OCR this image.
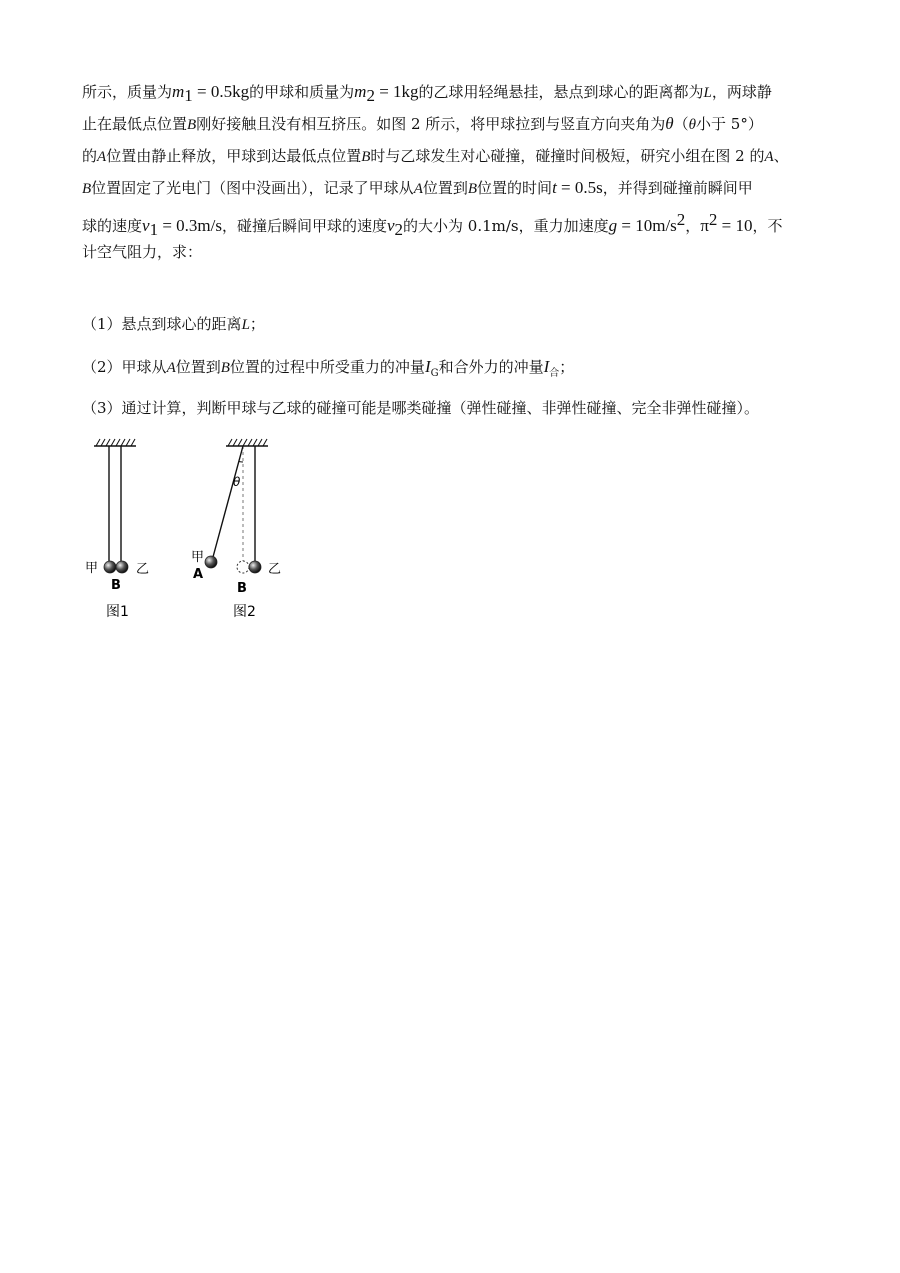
所示，质量为$m_1 = 0.5kg$的甲球和质量为$m_2 = 1kg$的乙球用轻绳悬挂，悬点到球心的距离都为L，两球静
止在最低点位置B刚好接触且没有相互挤压。如图 2 所示，将甲球拉到与竖直方向夹角为θ（θ小于 5°）
的A位置由静止释放，甲球到达最低点位置B时与乙球发生对心碰撞，碰撞时间极短，研究小组在图 2 的A、
B位置固定了光电门（图中没画出），记录了甲球从A位置到B位置的时间t = 0.5s，并得到碰撞前瞬间甲
球的速度$v_1 = 0.3m/s$，碰撞后瞬间甲球的速度$v_2$的大小为 0.1m/s，重力加速度$g = 10m/s^2$，$\pi^2 = 10$，不
计空气阻力，求：
（1）悬点到球心的距离L；
（2）甲球从A位置到B位置的过程中所受重力的冲量$I_G$和合外力的冲量$I_合$；
（3）通过计算，判断甲球与乙球的碰撞可能是哪类碰撞（弹性碰撞、非弹性碰撞、完全非弹性碰撞）。
甲	乙
B
图1
θ
甲
A	乙
B
图2
